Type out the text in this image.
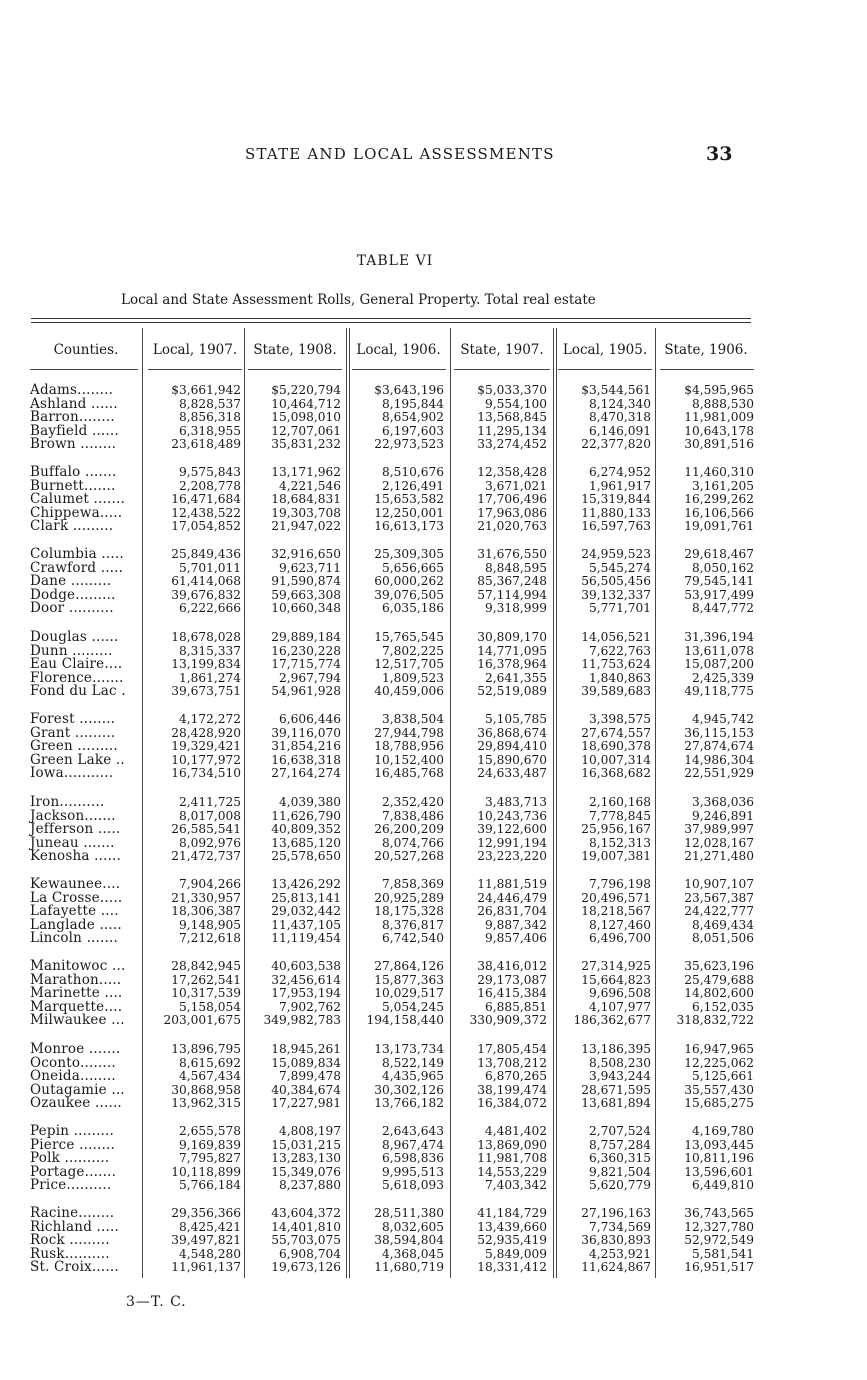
STATE AND LOCAL ASSESSMENTS	33
TABLE VI
Local and State Assessment Rolls, General Property. Total real estate
Counties.	Local, 1907.	State, 1908.	Local, 1906.	State, 1907.	Local, 1905.	State, 1906.
Adams........	$3,661,942 $5,220,794	$3,643,196	$5,033,370	$3,544,561	$4,595,965
Ashland ......	8,828,537 10,464,712	8,195,844	9,554,100	8,124,340	8,888,530
Barron........	8,856,318 15,098,010	8,654,902	13,568,845	8,470,318	11,981,009
Bayfield ......	6,318,955 12,707,061	6,197,603	11,295,134	6,146,091	10,643,178
Brown ........	23,618,489 35,831,232	22,973,523	33,274,452	22,377,820	30,891,516
Buffalo .......	9,575,843 13,171,962	8,510,676	12,358,428	6,274,952	11,460,310
Burnett.......	2,208,778	4,221,546	2,126,491	3,671,021	1,961,917	3,161,205
Calumet .......	16,471,684 18,684,831	15,653,582	17,706,496	15,319,844	16,299,262
Chippewa.....	12,438,522 19,303,708	12,250,001	17,963,086	11,880,133	16,106,566
Clark .........	17,054,852 21,947,022	16,613,173	21,020,763	16,597,763	19,091,761
Columbia .....	25,849,436 32,916,650	25,309,305	31,676,550	24,959,523	29,618,467
Crawford .....	5,701,011	9,623,711	5,656,665	8,848,595	5,545,274	8,050,162
Dane .........	61,414,068 91,590,874	60,000,262	85,367,248	56,505,456	79,545,141
Dodge.........	39,676,832 59,663,308	39,076,505	57,114,994	39,132,337	53,917,499
Door ..........	6,222,666 10,660,348	6,035,186	9,318,999	5,771,701	8,447,772
Douglas ......	18,678,028 29,889,184	15,765,545	30,809,170	14,056,521	31,396,194
Dunn .........	8,315,337 16,230,228	7,802,225	14,771,095	7,622,763	13,611,078
Eau Claire....	13,199,834 17,715,774	12,517,705	16,378,964	11,753,624	15,087,200
Florence.......	1,861,274	2,967,794	1,809,523	2,641,355	1,840,863	2,425,339
Fond du Lac .	39,673,751 54,961,928	40,459,006	52,519,089	39,589,683	49,118,775
Forest ........	4,172,272	6,606,446	3,838,504	5,105,785	3,398,575	4,945,742
Grant .........	28,428,920 39,116,070	27,944,798	36,868,674	27,674,557	36,115,153
Green .........	19,329,421 31,854,216	18,788,956	29,894,410	18,690,378	27,874,674
Green Lake ..	10,177,972 16,638,318	10,152,400	15,890,670	10,007,314	14,986,304
Iowa...........	16,734,510 27,164,274	16,485,768	24,633,487	16,368,682	22,551,929
Iron..........	2,411,725	4,039,380	2,352,420	3,483,713	2,160,168	3,368,036
Jackson.......	8,017,008 11,626,790	7,838,486	10,243,736	7,778,845	9,246,891
Jefferson .....	26,585,541 40,809,352	26,200,209	39,122,600	25,956,167	37,989,997
Juneau .......	8,092,976 13,685,120	8,074,766	12,991,194	8,152,313	12,028,167
Kenosha ......	21,472,737 25,578,650	20,527,268	23,223,220	19,007,381	21,271,480
Kewaunee....	7,904,266 13,426,292	7,858,369	11,881,519	7,796,198	10,907,107
La Crosse.....	21,330,957 25,813,141	20,925,289	24,446,479	20,496,571	23,567,387
Lafayette ....	18,306,387 29,032,442	18,175,328	26,831,704	18,218,567	24,422,777
Langlade .....	9,148,905 11,437,105	8,376,817	9,887,342	8,127,460	8,469,434
Lincoln .......	7,212,618 11,119,454	6,742,540	9,857,406	6,496,700	8,051,506
Manitowoc ...	28,842,945 40,603,538	27,864,126	38,416,012	27,314,925	35,623,196
Marathon.....	17,262,541 32,456,614	15,877,363	29,173,087	15,664,823	25,479,688
Marinette ....	10,317,539 17,953,194	10,029,517	16,415,384	9,696,508	14,802,600
Marquette....	5,158,054	7,902,762	5,054,245	6,885,851	4,107,977	6,152,035
Milwaukee ...	203,001,675 349,982,783 194,158,440 330,909,372 186,362,677 318,832,722
Monroe .......	13,896,795 18,945,261	13,173,734	17,805,454	13,186,395	16,947,965
Oconto........	8,615,692 15,089,834	8,522,149	13,708,212	8,508,230	12,225,062
Oneida........	4,567,434	7,899,478	4,435,965	6,870,265	3,943,244	5,125,661
Outagamie ...	30,868,958 40,384,674	30,302,126	38,199,474	28,671,595	35,557,430
Ozaukee ......	13,962,315 17,227,981	13,766,182	16,384,072	13,681,894	15,685,275
Pepin .........	2,655,578	4,808,197	2,643,643	4,481,402	2,707,524	4,169,780
Pierce ........	9,169,839 15,031,215	8,967,474	13,869,090	8,757,284	13,093,445
Polk ..........	7,795,827 13,283,130	6,598,836	11,981,708	6,360,315	10,811,196
Portage.......	10,118,899 15,349,076	9,995,513	14,553,229	9,821,504	13,596,601
Price..........	5,766,184	8,237,880	5,618,093	7,403,342	5,620,779	6,449,810
Racine........	29,356,366 43,604,372	28,511,380	41,184,729	27,196,163	36,743,565
Richland .....	8,425,421 14,401,810	8,032,605	13,439,660	7,734,569	12,327,780
Rock .........	39,497,821 55,703,075	38,594,804	52,935,419	36,830,893	52,972,549
Rusk..........	4,548,280	6,908,704	4,368,045	5,849,009	4,253,921	5,581,541
St. Croix......	11,961,137 19,673,126	11,680,719	18,331,412	11,624,867	16,951,517
3—T. C.
